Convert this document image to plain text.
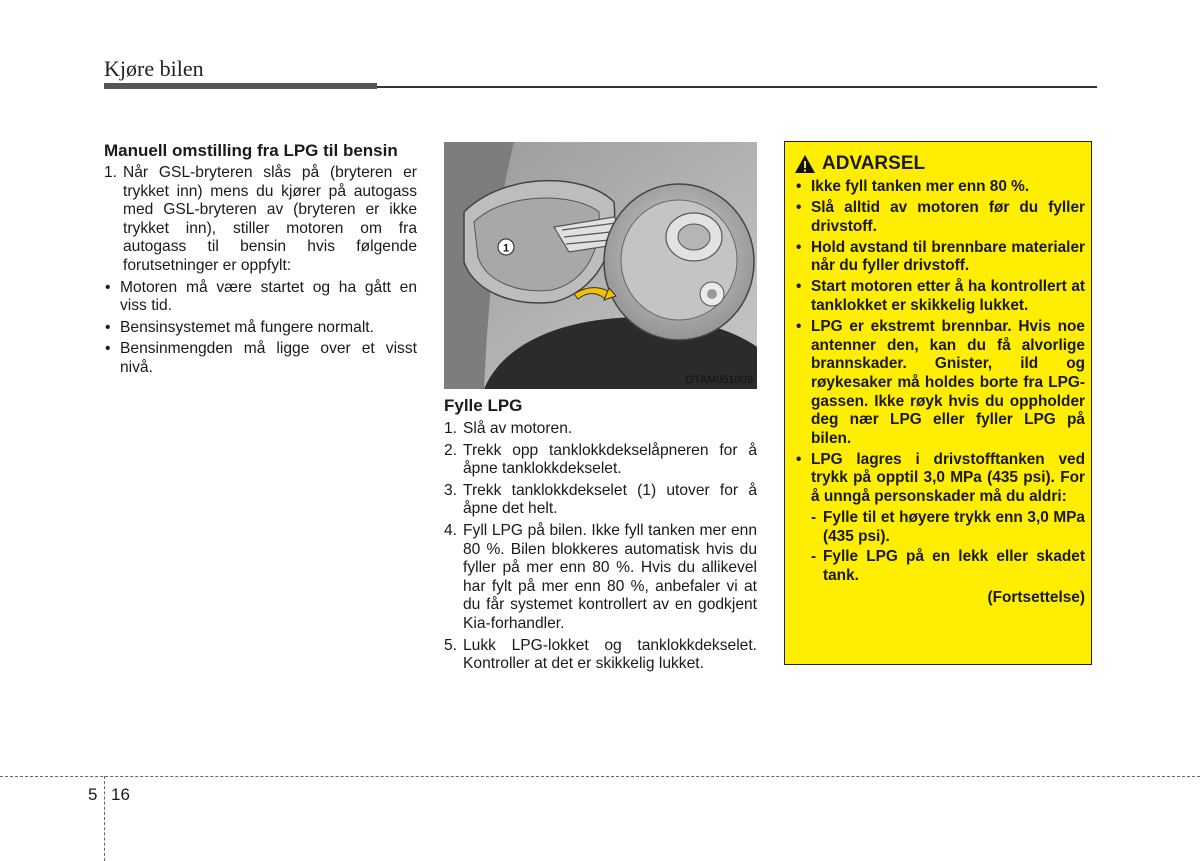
Kjøre bilen
Manuell omstilling fra LPG til bensin
1. Når GSL-bryteren slås på (bryteren er trykket inn) mens du kjører på autogass med GSL-bryteren av (bryteren er ikke trykket inn), stiller motoren om fra autogass til bensin hvis følgende forutsetninger er oppfylt:
• Motoren må være startet og ha gått en viss tid.
• Bensinsystemet må fungere normalt.
• Bensinmengden må ligge over et visst nivå.
1
OTAM051009
Fylle LPG
1. Slå av motoren.
2. Trekk opp tanklokkdekselåpneren for å åpne tanklokkdekselet.
3. Trekk tanklokkdekselet (1) utover for å åpne det helt.
4. Fyll LPG på bilen. Ikke fyll tanken mer enn 80 %. Bilen blokkeres automatisk hvis du fyller på mer enn 80 %. Hvis du allikevel har fylt på mer enn 80 %, anbefaler vi at du får systemet kontrollert av en godkjent Kia-forhandler.
5. Lukk LPG-lokket og tanklokkdekselet. Kontroller at det er skikkelig lukket.
ADVARSEL
• Ikke fyll tanken mer enn 80 %.
• Slå alltid av motoren før du fyller drivstoff.
• Hold avstand til brennbare materialer når du fyller drivstoff.
• Start motoren etter å ha kontrollert at tanklokket er skikkelig lukket.
• LPG er ekstremt brennbar. Hvis noe antenner den, kan du få alvorlige brannskader. Gnister, ild og røykesaker må holdes borte fra LPG-gassen. Ikke røyk hvis du oppholder deg nær LPG eller fyller LPG på bilen.
• LPG lagres i drivstofftanken ved trykk på opptil 3,0 MPa (435 psi). For å unngå personskader må du aldri:
- Fylle til et høyere trykk enn 3,0 MPa (435 psi).
- Fylle LPG på en lekk eller skadet tank.
(Fortsettelse)
5 16
